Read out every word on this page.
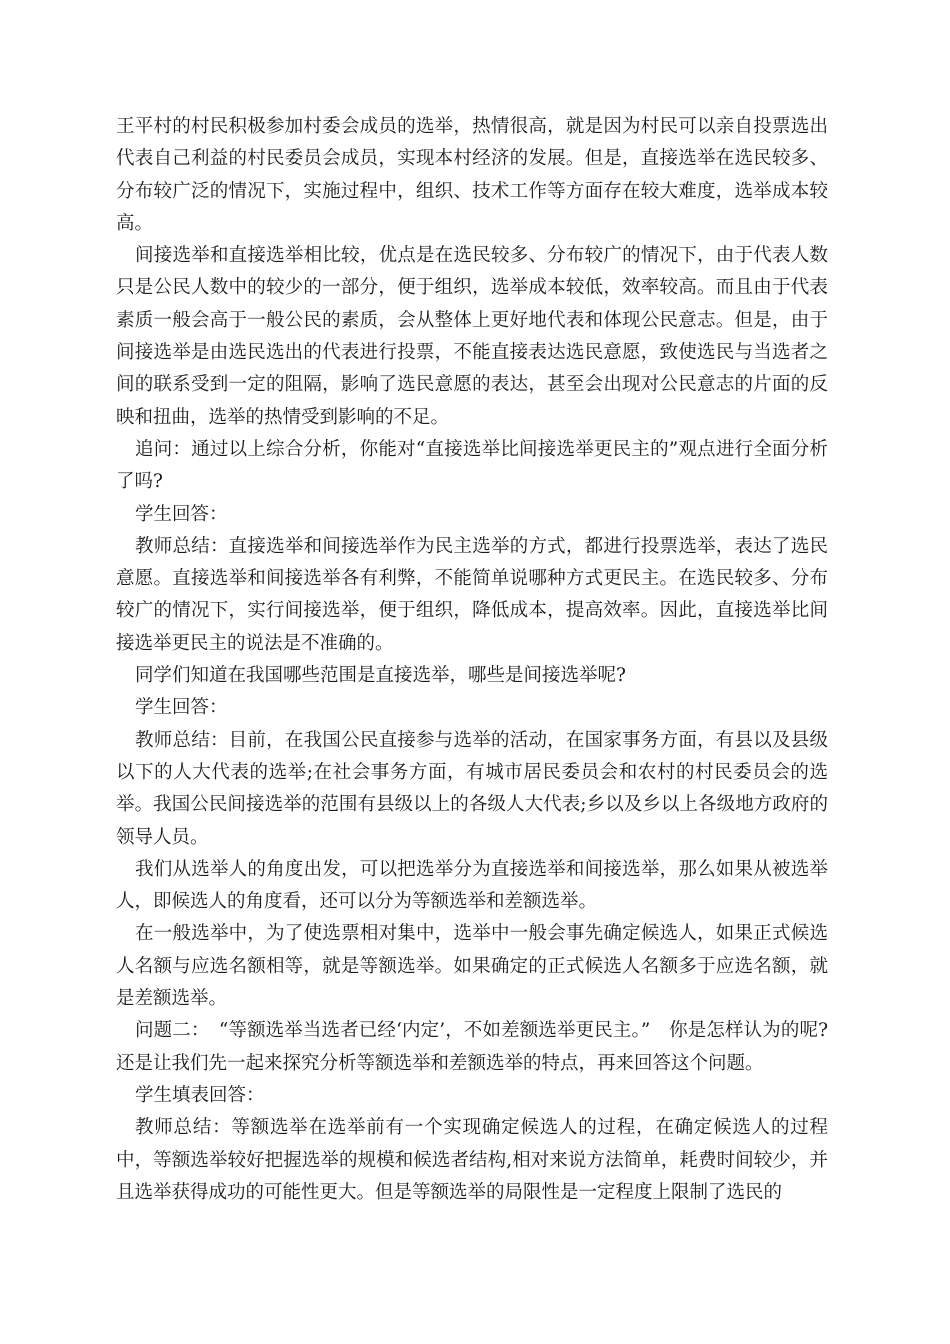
王平村的村民积极参加村委会成员的选举，热情很高，就是因为村民可以亲自投票选出代表自己利益的村民委员会成员，实现本村经济的发展。但是，直接选举在选民较多、分布较广泛的情况下，实施过程中，组织、技术工作等方面存在较大难度，选举成本较高。

间接选举和直接选举相比较，优点是在选民较多、分布较广的情况下，由于代表人数只是公民人数中的较少的一部分，便于组织，选举成本较低，效率较高。而且由于代表素质一般会高于一般公民的素质，会从整体上更好地代表和体现公民意志。但是，由于间接选举是由选民选出的代表进行投票，不能直接表达选民意愿，致使选民与当选者之间的联系受到一定的阻隔，影响了选民意愿的表达，甚至会出现对公民意志的片面的反映和扭曲，选举的热情受到影响的不足。

追问：通过以上综合分析，你能对“直接选举比间接选举更民主的”观点进行全面分析了吗?

学生回答：

教师总结：直接选举和间接选举作为民主选举的方式，都进行投票选举，表达了选民意愿。直接选举和间接选举各有利弊，不能简单说哪种方式更民主。在选民较多、分布较广的情况下，实行间接选举，便于组织，降低成本，提高效率。因此，直接选举比间接选举更民主的说法是不准确的。

同学们知道在我国哪些范围是直接选举，哪些是间接选举呢?

学生回答：

教师总结：目前，在我国公民直接参与选举的活动，在国家事务方面，有县以及县级以下的人大代表的选举;在社会事务方面，有城市居民委员会和农村的村民委员会的选举。我国公民间接选举的范围有县级以上的各级人大代表;乡以及乡以上各级地方政府的领导人员。

我们从选举人的角度出发，可以把选举分为直接选举和间接选举，那么如果从被选举人，即候选人的角度看，还可以分为等额选举和差额选举。

在一般选举中，为了使选票相对集中，选举中一般会事先确定候选人，如果正式候选人名额与应选名额相等，就是等额选举。如果确定的正式候选人名额多于应选名额，就是差额选举。

问题二：　“等额选举当选者已经‘内定’，不如差额选举更民主。”　你是怎样认为的呢?还是让我们先一起来探究分析等额选举和差额选举的特点，再来回答这个问题。

学生填表回答：

教师总结：等额选举在选举前有一个实现确定候选人的过程，在确定候选人的过程中，等额选举较好把握选举的规模和候选者结构,相对来说方法简单，耗费时间较少，并且选举获得成功的可能性更大。但是等额选举的局限性是一定程度上限制了选民的
